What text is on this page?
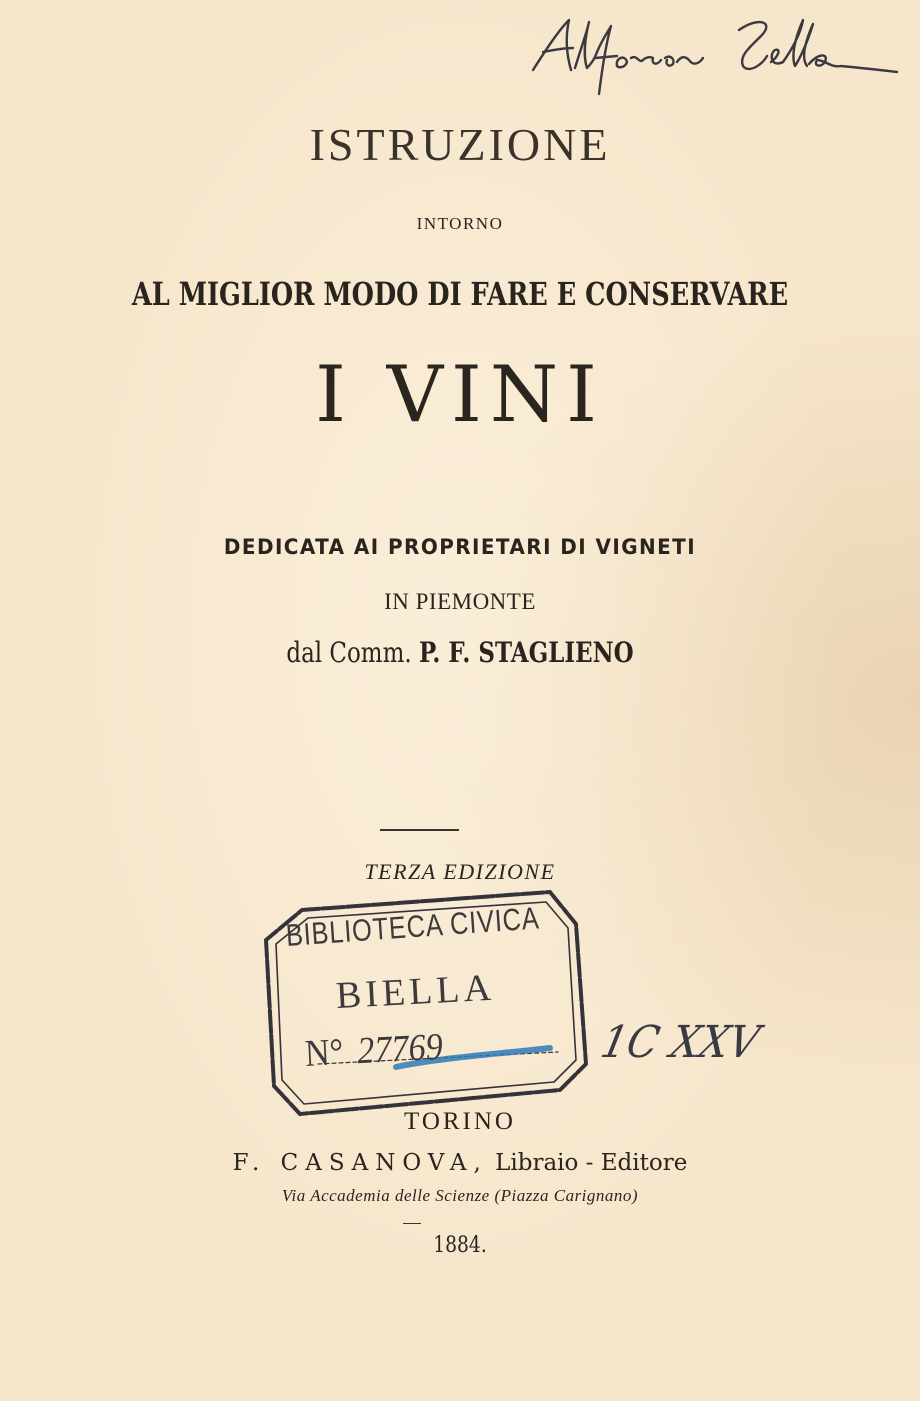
ISTRUZIONE
INTORNO
AL MIGLIOR MODO DI FARE E CONSERVARE
I VINI
DEDICATA AI PROPRIETARI DI VIGNETI
IN PIEMONTE
dal Comm. P. F. STAGLIENO
TERZA EDIZIONE
BIBLIOTECA CIVICA
BIELLA
N° 27769	1C XXV
TORINO
F. CASANOVA, Libraio - Editore
Via Accademia delle Scienze (Piazza Carignano)
1884.
